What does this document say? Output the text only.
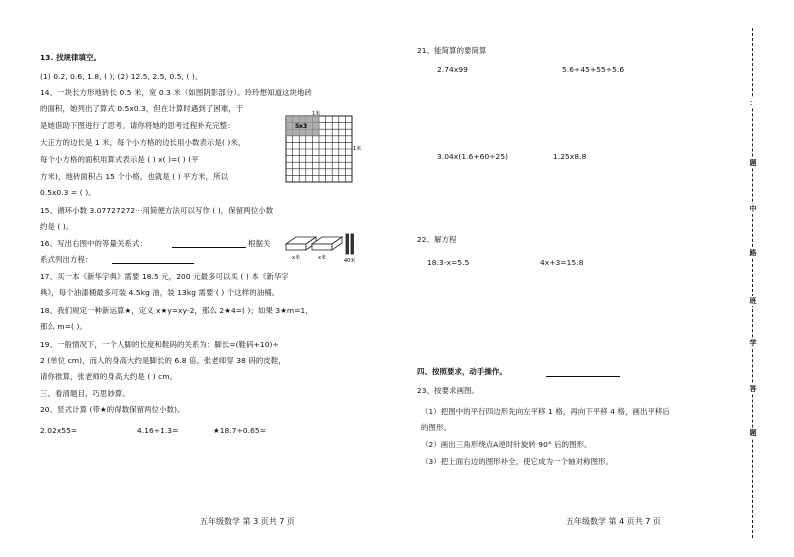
13. 找规律填空。
(1) 0.2, 0.6, 1.8, ( ); (2) 12.5, 2.5, 0.5, ( )。
14、一块长方形地砖长 0.5 米，宽 0.3 米（如图阴影部分）。玲玲想知道这块地砖
的面积，她列出了算式 0.5x0.3，但在计算时遇到了困难，于
是她借助下图进行了思考。请你将她的思考过程补充完整：
大正方的边长是 1 米，每个小方格的边长用小数表示是( )米，
每个小方格的面积用算式表示是 ( ) x( )=( ) (平
方米)，地砖面积占 15 个小格，也就是 ( ) 平方米，所以
0.5x0.3 = ( )。
5x3
1米
1米
15、循环小数 3.07727272···用简便方法可以写作 ( )，保留两位小数
约是 ( )。
16、写出右图中的等量关系式：	根据关
系式列出方程：	x米	x米	40米
17、买一本《新华字典》需要 18.5 元，200 元最多可以买 ( ) 本《新华字
典》，每个油漆桶最多可装 4.5kg 油，装 13kg 需要 ( ) 个这样的油桶。
18、我们规定一种新运算★，定义 x★y=xy-2，那么 2★4=( )；如果 3★m=1，
那么 m=( )。
19、一般情况下，一个人脚的长度和鞋码的关系为：脚长=(鞋码+10)÷
2 (单位 cm)，而人的身高大约是脚长的 6.8 倍。张老师穿 38 码的皮鞋，
请你推算，张老师的身高大约是 ( ) cm。
三、看清题目，巧思妙算。
20、竖式计算 (带★的得数保留两位小数)。
2.02x55=	4.16÷1.3=	★18.7÷0.65=
五年级数学 第 3 页共 7 页
21、能简算的要简算
2.74x99	5.6÷45+55÷5.6
3.04x(1.6+60÷25)	1.25x8.8
22、解方程
18.3-x=5.5	4x+3=15.8
四、按照要求，动手操作。
23、按要求画图。
（1）把图中的平行四边形先向左平移 1 格，再向下平移 4 格，画出平移后
的图形。
（2）画出三角形绕点A逆时针旋转 90° 后的图形。
（3）把上面右边的图形补全，使它成为一个轴对称图形。
五年级数学 第 4 页共 7 页
：
题
中
路
班
学
答
题
